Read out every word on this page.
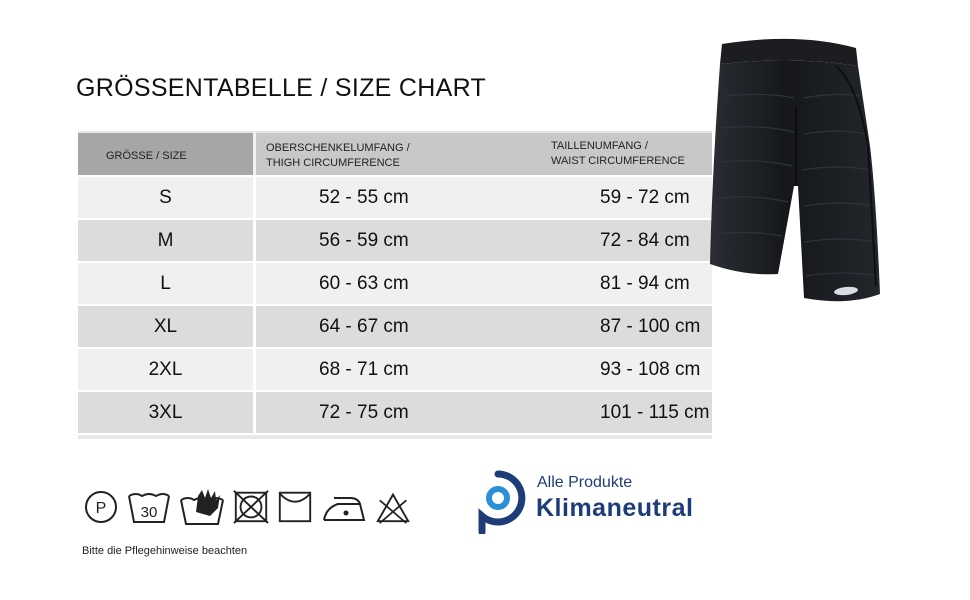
GRÖSSENTABELLE / SIZE CHART
GRÖSSE / SIZE
OBERSCHENKELUMFANG /
THIGH CIRCUMFERENCE
TAILLENUMFANG /
WAIST CIRCUMFERENCE
S	52 - 55 cm	59 - 72 cm
M	56 - 59 cm	72 - 84 cm
L	60 - 63 cm	81 - 94 cm
XL	64 - 67 cm	87 - 100 cm
2XL	68 - 71 cm	93 - 108 cm
3XL	72 - 75 cm	101 - 115 cm
P 30
Bitte die Pflegehinweise beachten
Alle Produkte
Klimaneutral
